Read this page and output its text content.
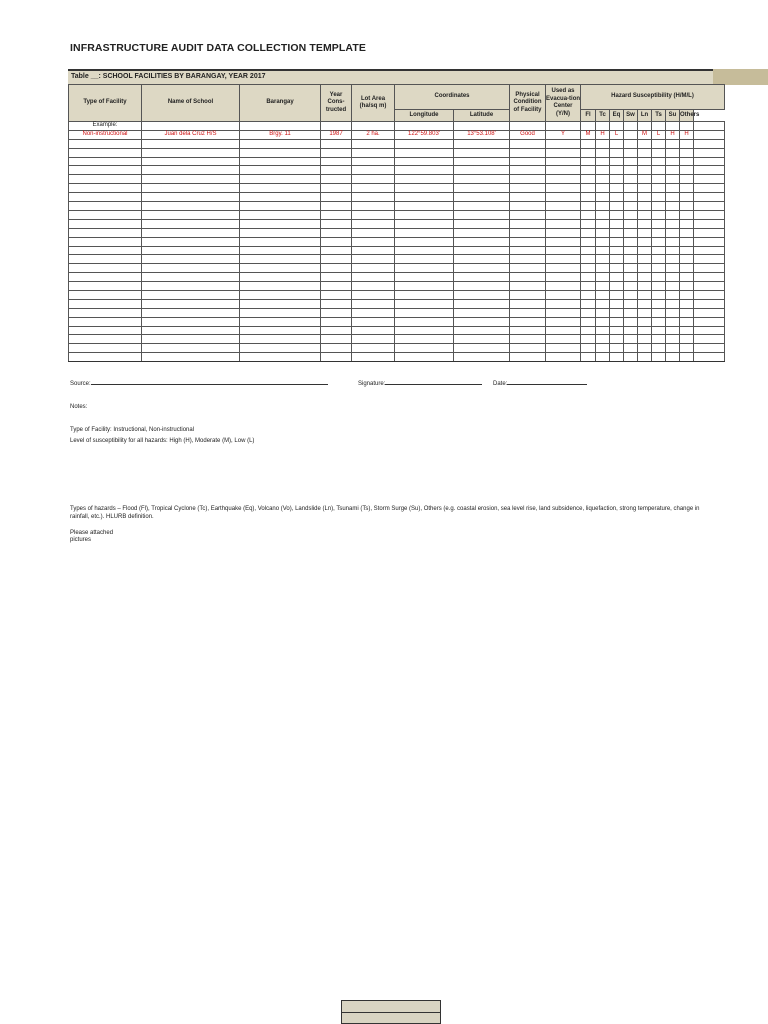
INFRASTRUCTURE AUDIT DATA COLLECTION TEMPLATE
Table __: SCHOOL FACILITIES BY BARANGAY, YEAR 2017
Type of Facility	Name of School	Barangay	Year Cons-tructed	Lot Area (ha/sq m)	Coordinates		Physical Condition of Facility	Used as Evacua-tion Center (Y/N)	Hazard Susceptibility (H/M/L)								
					Longitude	Latitude			Fl	Tc	Eq	Sw	Ln	Ts	Su	Others	
Example:																	
Non-instructional	Juan dela Cruz H/S	Brgy. 11	1987	2 ha.	122°59.803'	13°53.108'	Good	Y	M	H	L		M	L	H	H	

Source:	Signature:	Date:
Notes:
Type of Facility: Instructional, Non-instructional
Level of susceptibility for all hazards: High (H), Moderate (M), Low (L)
Types of hazards – Flood (Fl), Tropical Cyclone (Tc), Earthquake (Eq), Volcano (Vo), Landslide (Ln), Tsunami (Ts), Storm Surge (Su), Others (e.g. coastal erosion, sea level rise, land subsidence, liquefaction, strong temperature, change in rainfall, etc.). HLURB definition.
Please attached
pictures
